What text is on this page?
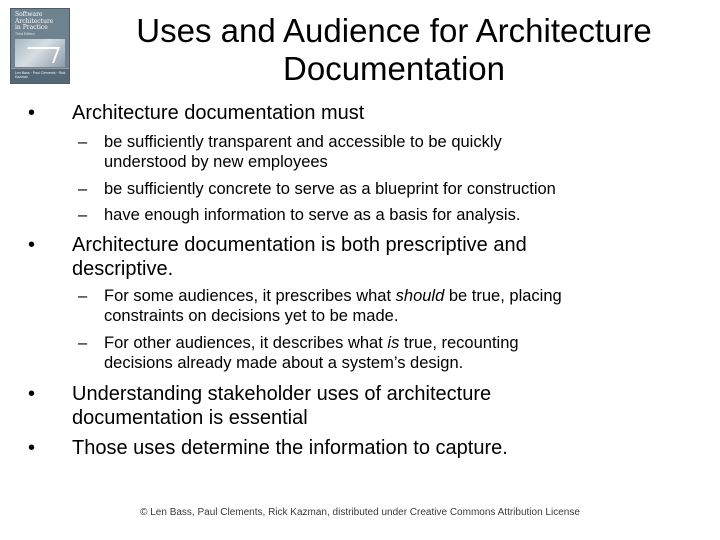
Software
Architecture
in Practice
Third Edition
Len Bass · Paul Clements · Rick Kazman
Uses and Audience for Architecture
Documentation
• Architecture documentation must
– be sufficiently transparent and accessible to be quickly
understood by new employees
– be sufficiently concrete to serve as a blueprint for construction
– have enough information to serve as a basis for analysis.
• Architecture documentation is both prescriptive and
descriptive.
– For some audiences, it prescribes what should be true, placing
constraints on decisions yet to be made.
– For other audiences, it describes what is true, recounting
decisions already made about a system’s design.
• Understanding stakeholder uses of architecture
documentation is essential
• Those uses determine the information to capture.
© Len Bass, Paul Clements, Rick Kazman, distributed under Creative Commons Attribution License
